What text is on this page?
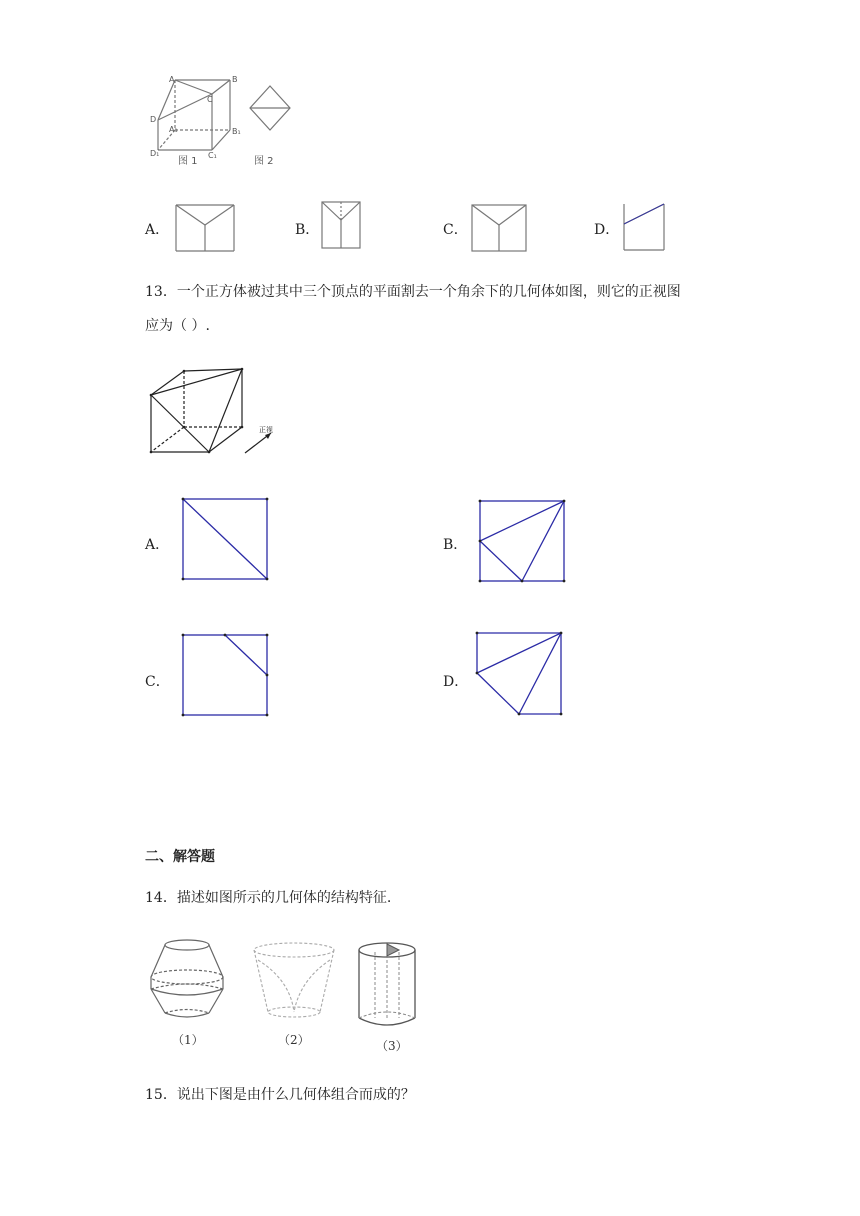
A	B
C
D
A₁	B₁
C₁
D₁
图 1	图 2
A．	B．	C．	D．
13．一个正方体被过其中三个顶点的平面割去一个角余下的几何体如图，则它的正视图
应为（ ）.
正视
A．	B．
C．	D．
二、解答题
14．描述如图所示的几何体的结构特征.
（1）	（2）	（3）
15．说出下图是由什么几何体组合而成的？
